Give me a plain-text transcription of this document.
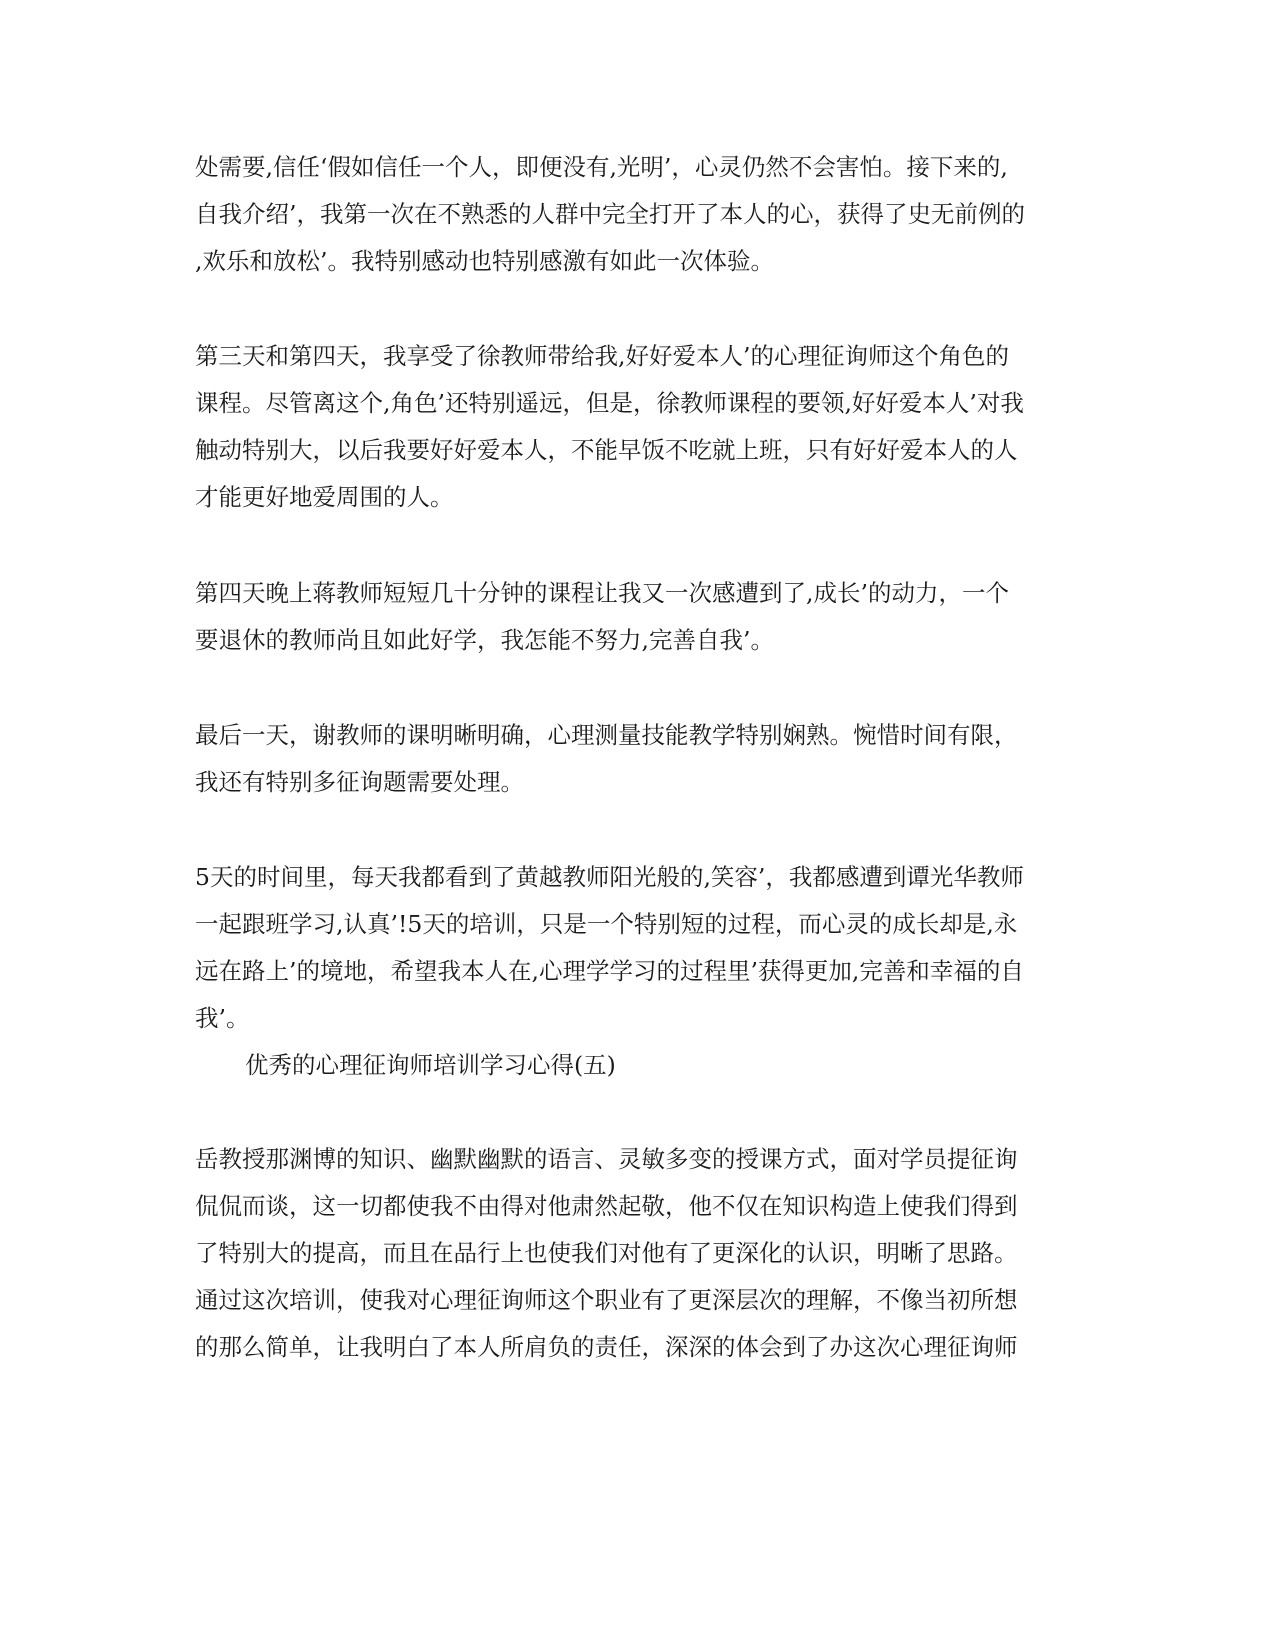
处需要,信任‘假如信任一个人，即便没有,光明’，心灵仍然不会害怕。接下来的,

自我介绍’，我第一次在不熟悉的人群中完全打开了本人的心，获得了史无前例的

,欢乐和放松’。我特别感动也特别感激有如此一次体验。

第三天和第四天，我享受了徐教师带给我,好好爱本人’的心理征询师这个角色的

课程。尽管离这个,角色’还特别遥远，但是，徐教师课程的要领,好好爱本人’对我

触动特别大，以后我要好好爱本人，不能早饭不吃就上班，只有好好爱本人的人

才能更好地爱周围的人。

第四天晚上蒋教师短短几十分钟的课程让我又一次感遭到了,成长’的动力，一个

要退休的教师尚且如此好学，我怎能不努力,完善自我’。

最后一天，谢教师的课明晰明确，心理测量技能教学特别娴熟。惋惜时间有限，

我还有特别多征询题需要处理。

5天的时间里，每天我都看到了黄越教师阳光般的,笑容’，我都感遭到谭光华教师

一起跟班学习,认真’!5天的培训，只是一个特别短的过程，而心灵的成长却是,永

远在路上’的境地，希望我本人在,心理学学习的过程里’获得更加,完善和幸福的自

我’。

优秀的心理征询师培训学习心得(五)

岳教授那渊博的知识、幽默幽默的语言、灵敏多变的授课方式，面对学员提征询

侃侃而谈，这一切都使我不由得对他肃然起敬，他不仅在知识构造上使我们得到

了特别大的提高，而且在品行上也使我们对他有了更深化的认识，明晰了思路。

通过这次培训，使我对心理征询师这个职业有了更深层次的理解，不像当初所想

的那么简单，让我明白了本人所肩负的责任，深深的体会到了办这次心理征询师
